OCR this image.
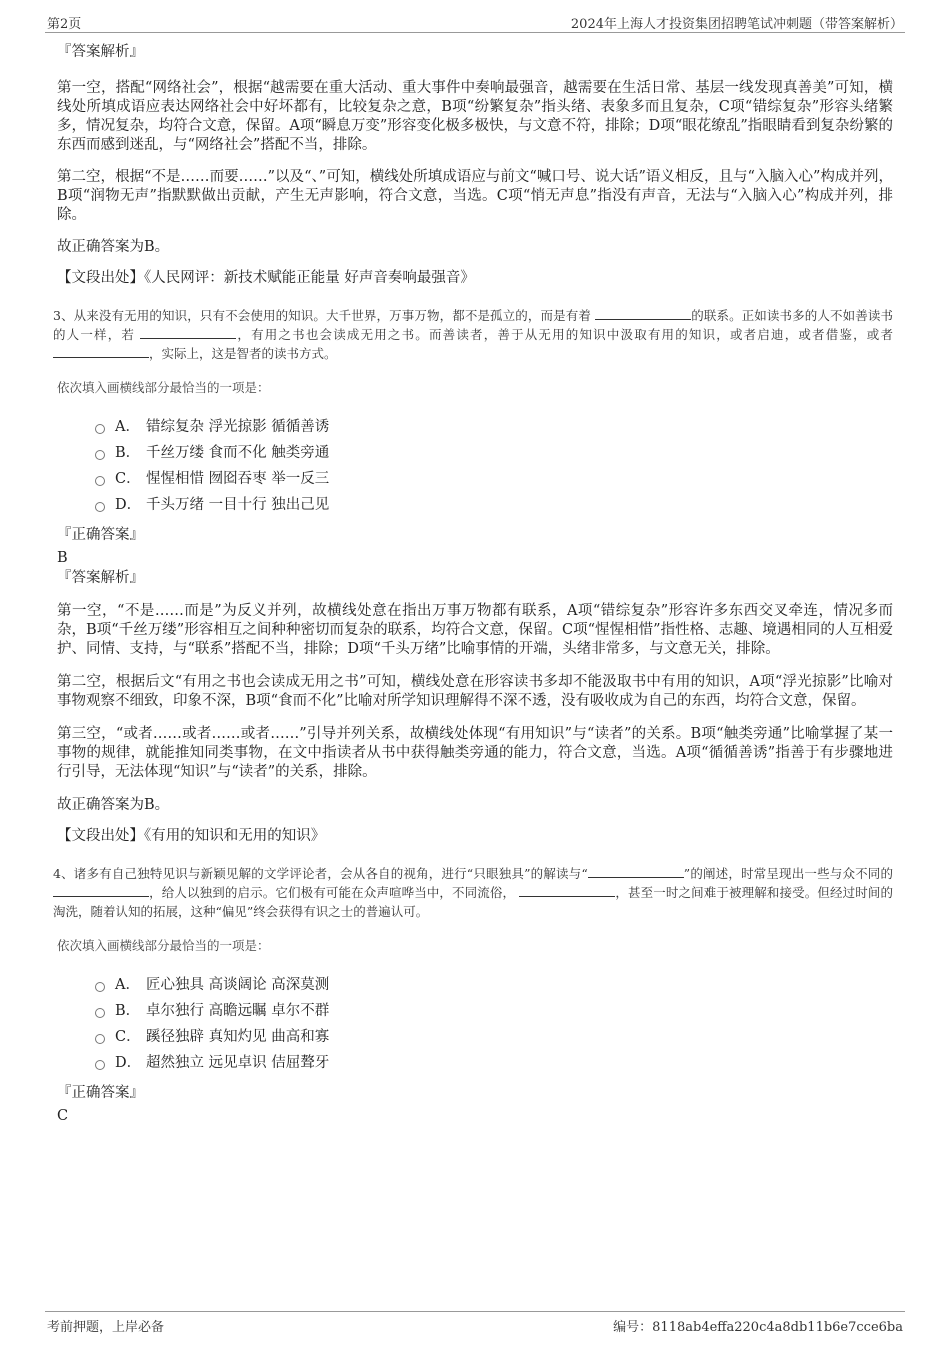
第2页	2024年上海人才投资集团招聘笔试冲刺题（带答案解析）

『答案解析』

第一空，搭配“网络社会”，根据“越需要在重大活动、重大事件中奏响最强音，越需要在生活日常、基层一线发现真善美”可知，横线处所填成语应表达网络社会中好坏都有，比较复杂之意，B项“纷繁复杂”指头绪、表象多而且复杂，C项“错综复杂”形容头绪繁多，情况复杂，均符合文意，保留。A项“瞬息万变”形容变化极多极快，与文意不符，排除；D项“眼花缭乱”指眼睛看到复杂纷繁的东西而感到迷乱，与“网络社会”搭配不当，排除。

第二空，根据“不是……而要……”以及“、”可知，横线处所填成语应与前文“喊口号、说大话”语义相反，且与“入脑入心”构成并列，B项“润物无声”指默默做出贡献，产生无声影响，符合文意，当选。C项“悄无声息”指没有声音，无法与“入脑入心”构成并列，排除。

故正确答案为B。

【文段出处】《人民网评：新技术赋能正能量 好声音奏响最强音》

3、从来没有无用的知识，只有不会使用的知识。大千世界，万事万物，都不是孤立的，而是有着	的联系。正如读书多的人不如善读书的人一样，若	，有用之书也会读成无用之书。而善读者，善于从无用的知识中汲取有用的知识，或者启迪，或者借鉴，或者 ，实际上，这是智者的读书方式。

依次填入画横线部分最恰当的一项是：

A． 错综复杂 浮光掠影 循循善诱
B． 千丝万缕 食而不化 触类旁通
C． 惺惺相惜 囫囵吞枣 举一反三
D． 千头万绪 一目十行 独出己见

『正确答案』

B

『答案解析』

第一空，“不是……而是”为反义并列，故横线处意在指出万事万物都有联系，A项“错综复杂”形容许多东西交叉牵连，情况多而杂，B项“千丝万缕”形容相互之间种种密切而复杂的联系，均符合文意，保留。C项“惺惺相惜”指性格、志趣、境遇相同的人互相爱护、同情、支持，与“联系”搭配不当，排除；D项“千头万绪”比喻事情的开端，头绪非常多，与文意无关，排除。

第二空，根据后文“有用之书也会读成无用之书”可知，横线处意在形容读书多却不能汲取书中有用的知识，A项“浮光掠影”比喻对事物观察不细致，印象不深，B项“食而不化”比喻对所学知识理解得不深不透，没有吸收成为自己的东西，均符合文意，保留。

第三空，“或者……或者……或者……”引导并列关系，故横线处体现“有用知识”与“读者”的关系。B项“触类旁通”比喻掌握了某一事物的规律，就能推知同类事物，在文中指读者从书中获得触类旁通的能力，符合文意，当选。A项“循循善诱”指善于有步骤地进行引导，无法体现“知识”与“读者”的关系，排除。

故正确答案为B。

【文段出处】《有用的知识和无用的知识》

4、诸多有自己独特见识与新颖见解的文学评论者，会从各自的视角，进行“只眼独具”的解读与“	”的阐述，时常呈现出一些与众不同的 ，给人以独到的启示。它们极有可能在众声喧哗当中，不同流俗，	，甚至一时之间难于被理解和接受。但经过时间的淘洗，随着认知的拓展，这种“偏见”终会获得有识之士的普遍认可。

依次填入画横线部分最恰当的一项是：

A． 匠心独具 高谈阔论 高深莫测
B． 卓尔独行 高瞻远瞩 卓尔不群
C． 蹊径独辟 真知灼见 曲高和寡
D． 超然独立 远见卓识 佶屈聱牙

『正确答案』

C
考前押题，上岸必备	编号：8118ab4effa220c4a8db11b6e7cce6ba
